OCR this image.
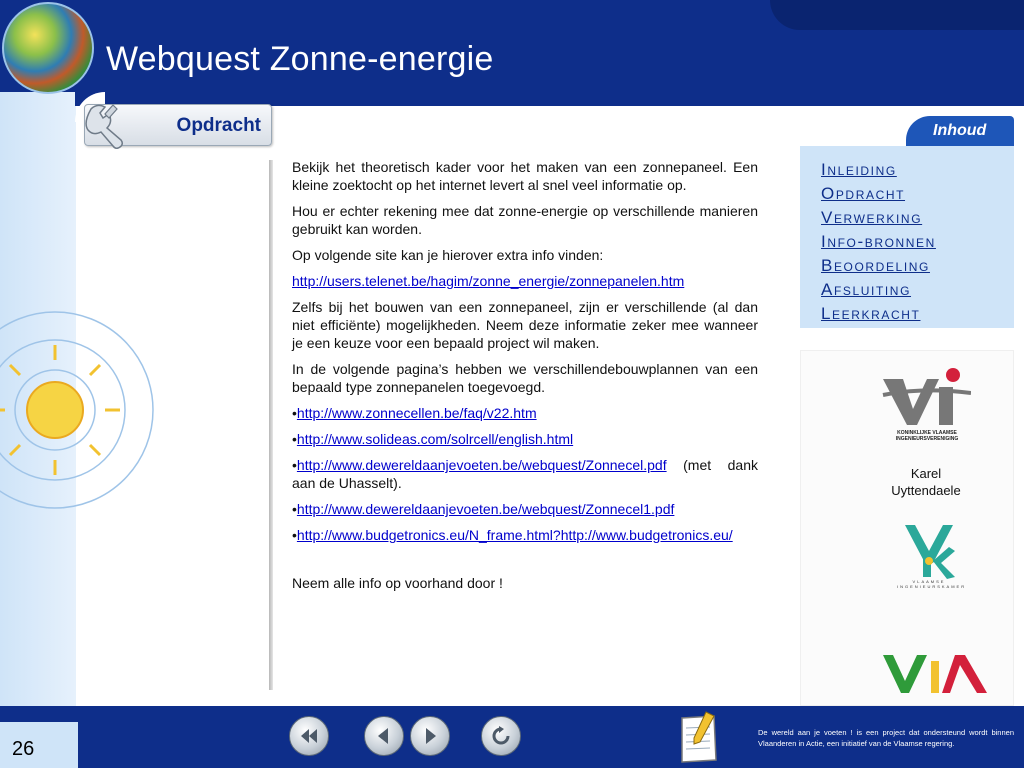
Webquest Zonne-energie
Opdracht

Bekijk het theoretisch kader voor het maken van een zonnepaneel. Een kleine zoektocht op het internet levert al snel veel informatie op.

Hou er echter rekening mee dat zonne-energie op verschillende manieren gebruikt kan worden.

Op volgende site kan je hierover extra info vinden:

http://users.telenet.be/hagim/zonne_energie/zonnepanelen.htm

Zelfs bij het bouwen van een zonnepaneel, zijn er verschillende (al dan niet efficiënte) mogelijkheden. Neem deze informatie zeker mee wanneer je een keuze voor een bepaald project wil maken.

In de volgende pagina’s hebben we verschillendebouwplannen van een bepaald type zonnepanelen toegevoegd.

•http://www.zonnecellen.be/faq/v22.htm

•http://www.solideas.com/solrcell/english.html

•http://www.dewereldaanjevoeten.be/webquest/Zonnecel.pdf (met dank aan de Uhasselt).

•http://www.dewereldaanjevoeten.be/webquest/Zonnecel1.pdf

•http://www.budgetronics.eu/N_frame.html?http://www.budgetronics.eu/

Neem alle info op voorhand door !

Inhoud
Inleiding
Opdracht
Verwerking
Info-bronnen
Beoordeling
Afsluiting
Leerkracht
KONINKLIJKE VLAAMSE INGENIEURSVERENIGING
Karel
Uyttendaele
VLAAMSE INGENIEURSKAMER
26
De wereld aan je voeten ! is een project dat ondersteund wordt binnen Vlaanderen in Actie, een initiatief van de Vlaamse regering.
